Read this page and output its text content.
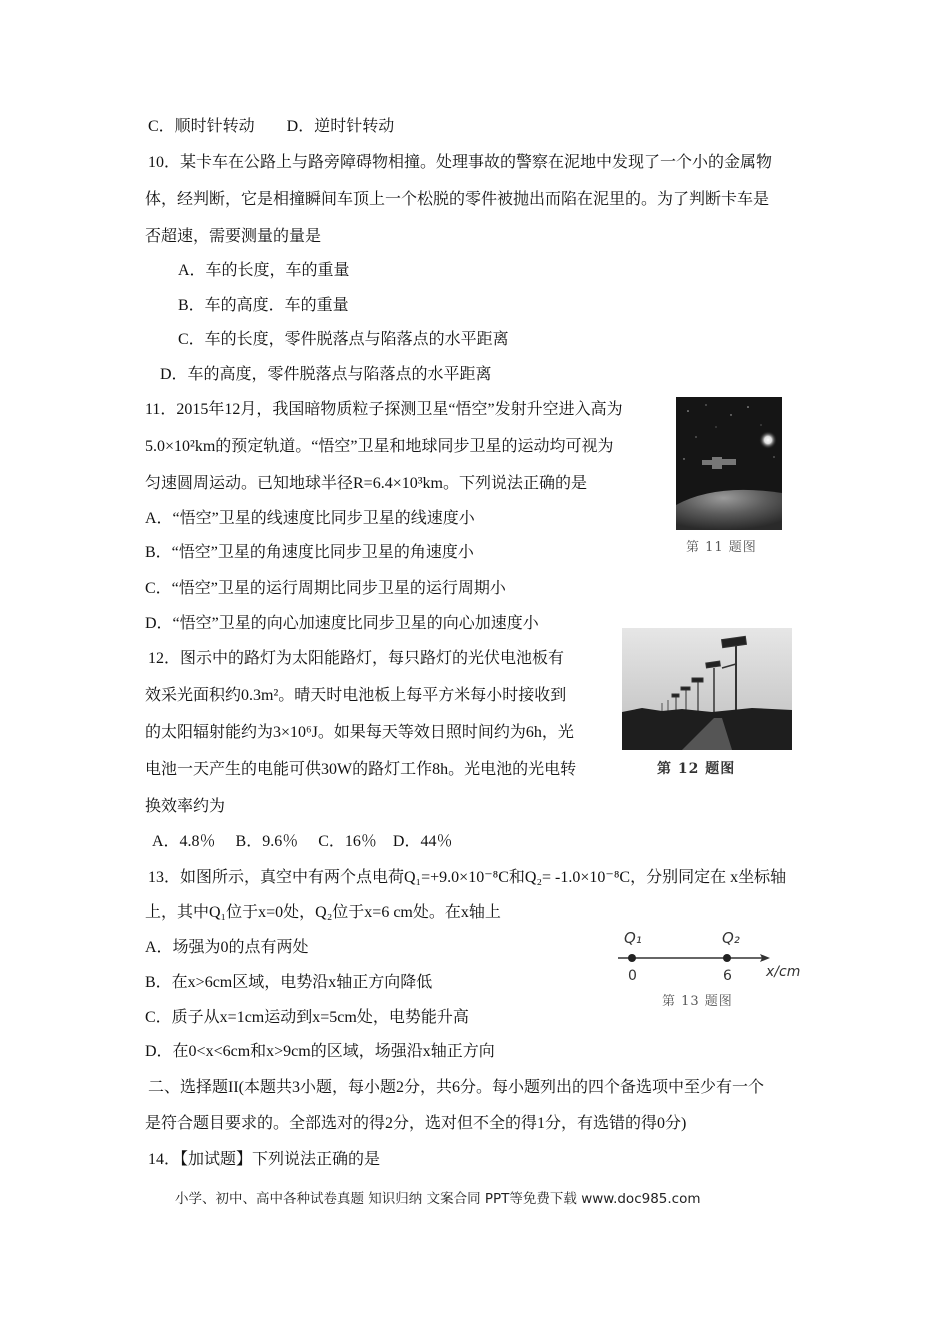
C．顺时针转动　　D．逆时针转动
10．某卡车在公路上与路旁障碍物相撞。处理事故的警察在泥地中发现了一个小的金属物
体，经判断，它是相撞瞬间车顶上一个松脱的零件被抛出而陷在泥里的。为了判断卡车是
否超速，需要测量的量是
A．车的长度，车的重量
B．车的高度．车的重量
C．车的长度，零件脱落点与陷落点的水平距离
D．车的高度，零件脱落点与陷落点的水平距离
11．2015年12月，我国暗物质粒子探测卫星“悟空”发射升空进入高为
5.0×10²km的预定轨道。“悟空”卫星和地球同步卫星的运动均可视为
匀速圆周运动。已知地球半径R=6.4×10³km。下列说法正确的是
A．“悟空”卫星的线速度比同步卫星的线速度小
B．“悟空”卫星的角速度比同步卫星的角速度小
C．“悟空”卫星的运行周期比同步卫星的运行周期小
D．“悟空”卫星的向心加速度比同步卫星的向心加速度小
第 11 题图
12．图示中的路灯为太阳能路灯，每只路灯的光伏电池板有
效采光面积约0.3m²。晴天时电池板上每平方米每小时接收到
的太阳辐射能约为3×10⁶J。如果每天等效日照时间约为6h，光
电池一天产生的电能可供30W的路灯工作8h。光电池的光电转
换效率约为
A．4.8％　 B．9.6％　 C．16％　D．44％
第 12 题图
13．如图所示，真空中有两个点电荷Q₁=+9.0×10⁻⁸C和Q₂= -1.0×10⁻⁸C，分别同定在 x坐标轴
上，其中Q₁位于x=0处，Q₂位于x=6 cm处。在x轴上
A．场强为0的点有两处
B．在x>6cm区域，电势沿x轴正方向降低
C．质子从x=1cm运动到x=5cm处，电势能升高
D．在0<x<6cm和x>9cm的区域，场强沿x轴正方向
Q₁	Q₂
0	6 x/cm
第 13 题图
二、选择题II(本题共3小题，每小题2分，共6分。每小题列出的四个备选项中至少有一个
是符合题目要求的。全部选对的得2分，选对但不全的得1分，有选错的得0分)
14．【加试题】下列说法正确的是
小学、初中、高中各种试卷真题 知识归纳 文案合同 PPT等免费下载 www.doc985.com
